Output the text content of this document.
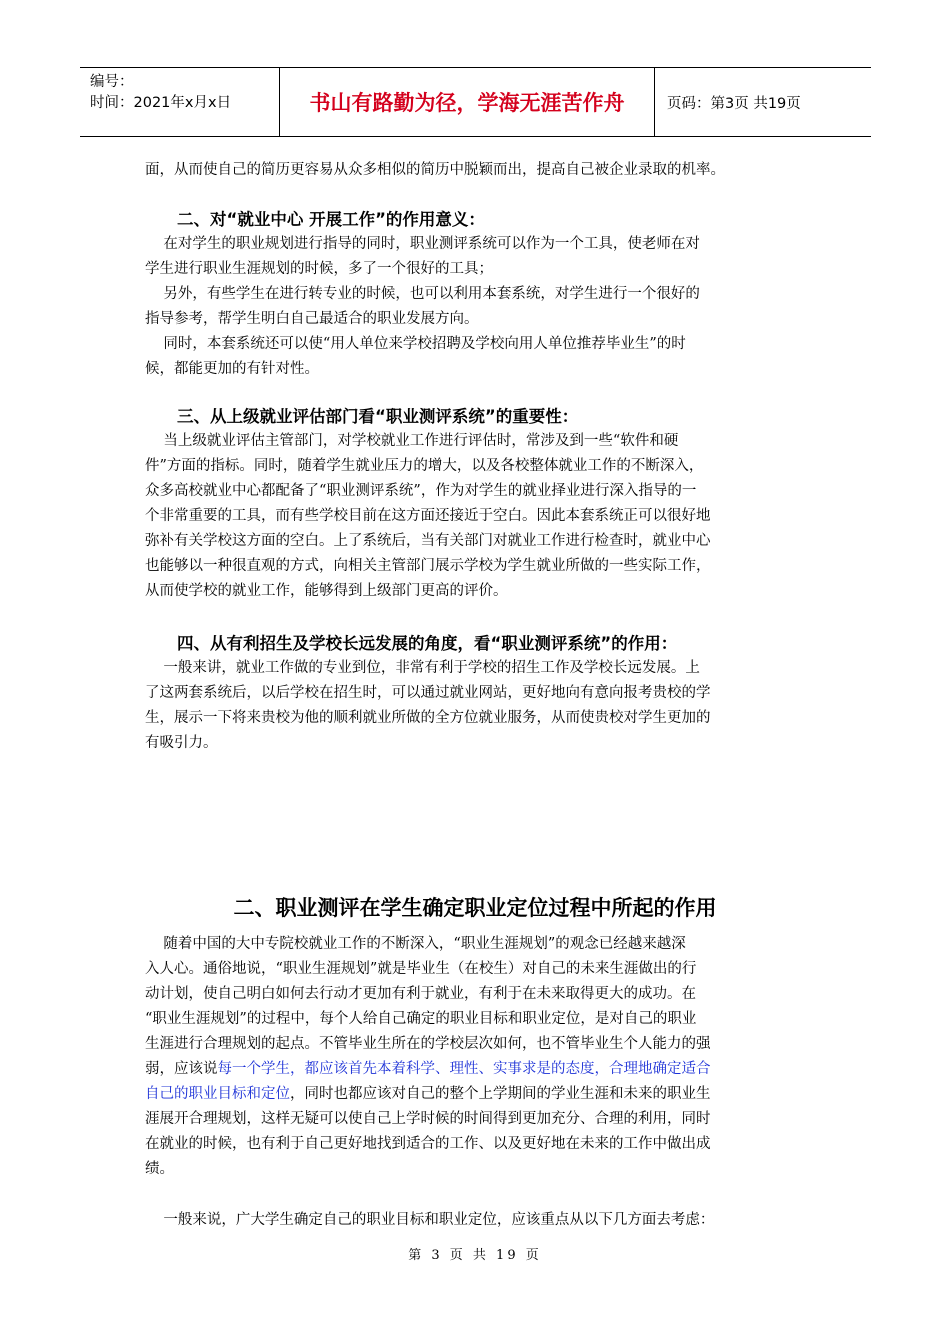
编号：
时间：2021年x月x日	书山有路勤为径，学海无涯苦作舟	页码：第3页 共19页
面，从而使自己的简历更容易从众多相似的简历中脱颖而出，提高自己被企业录取的机率。
二、对“就业中心 开展工作”的作用意义：
在对学生的职业规划进行指导的同时，职业测评系统可以作为一个工具，使老师在对
学生进行职业生涯规划的时候，多了一个很好的工具；
另外，有些学生在进行转专业的时候，也可以利用本套系统，对学生进行一个很好的
指导参考，帮学生明白自己最适合的职业发展方向。
同时，本套系统还可以使“用人单位来学校招聘及学校向用人单位推荐毕业生”的时
候，都能更加的有针对性。
三、从上级就业评估部门看“职业测评系统”的重要性：
当上级就业评估主管部门，对学校就业工作进行评估时，常涉及到一些“软件和硬
件”方面的指标。同时，随着学生就业压力的增大，以及各校整体就业工作的不断深入，
众多高校就业中心都配备了“职业测评系统”，作为对学生的就业择业进行深入指导的一
个非常重要的工具，而有些学校目前在这方面还接近于空白。因此本套系统正可以很好地
弥补有关学校这方面的空白。上了系统后，当有关部门对就业工作进行检查时，就业中心
也能够以一种很直观的方式，向相关主管部门展示学校为学生就业所做的一些实际工作，
从而使学校的就业工作，能够得到上级部门更高的评价。
四、从有利招生及学校长远发展的角度，看“职业测评系统”的作用：
一般来讲，就业工作做的专业到位，非常有利于学校的招生工作及学校长远发展。上
了这两套系统后，以后学校在招生时，可以通过就业网站，更好地向有意向报考贵校的学
生，展示一下将来贵校为他的顺利就业所做的全方位就业服务，从而使贵校对学生更加的
有吸引力。
二、职业测评在学生确定职业定位过程中所起的作用
随着中国的大中专院校就业工作的不断深入，“职业生涯规划”的观念已经越来越深
入人心。通俗地说，“职业生涯规划”就是毕业生（在校生）对自己的未来生涯做出的行
动计划，使自己明白如何去行动才更加有利于就业，有利于在未来取得更大的成功。在
“职业生涯规划”的过程中，每个人给自己确定的职业目标和职业定位，是对自己的职业
生涯进行合理规划的起点。不管毕业生所在的学校层次如何，也不管毕业生个人能力的强
弱，应该说每一个学生，都应该首先本着科学、理性、实事求是的态度，合理地确定适合
自己的职业目标和定位，同时也都应该对自己的整个上学期间的学业生涯和未来的职业生
涯展开合理规划，这样无疑可以使自己上学时候的时间得到更加充分、合理的利用，同时
在就业的时候，也有利于自己更好地找到适合的工作、以及更好地在未来的工作中做出成
绩。
一般来说，广大学生确定自己的职业目标和职业定位，应该重点从以下几方面去考虑：
第 3 页 共 19 页
